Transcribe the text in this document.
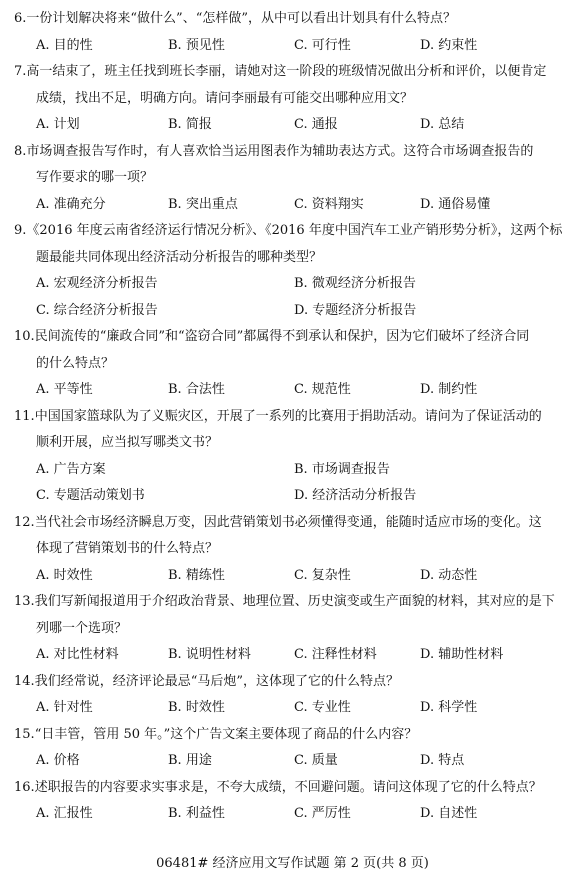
6.一份计划解决将来“做什么”、“怎样做”，从中可以看出计划具有什么特点？
A. 目的性	B. 预见性	C. 可行性	D. 约束性
7.高一结束了，班主任找到班长李丽，请她对这一阶段的班级情况做出分析和评价，以便肯定
成绩，找出不足，明确方向。请问李丽最有可能交出哪种应用文？
A. 计划	B. 简报	C. 通报	D. 总结
8.市场调查报告写作时，有人喜欢恰当运用图表作为辅助表达方式。这符合市场调查报告的
写作要求的哪一项？
A. 准确充分	B. 突出重点	C. 资料翔实	D. 通俗易懂
9.《2016 年度云南省经济运行情况分析》、《2016 年度中国汽车工业产销形势分析》，这两个标
题最能共同体现出经济活动分析报告的哪种类型？
A. 宏观经济分析报告	B. 微观经济分析报告
C. 综合经济分析报告	D. 专题经济分析报告
10.民间流传的“廉政合同”和“盗窃合同”都属得不到承认和保护，因为它们破坏了经济合同
的什么特点？
A. 平等性	B. 合法性	C. 规范性	D. 制约性
11.中国国家篮球队为了义赈灾区，开展了一系列的比赛用于捐助活动。请问为了保证活动的
顺利开展，应当拟写哪类文书？
A. 广告方案	B. 市场调查报告
C. 专题活动策划书	D. 经济活动分析报告
12.当代社会市场经济瞬息万变，因此营销策划书必须懂得变通，能随时适应市场的变化。这
体现了营销策划书的什么特点？
A. 时效性	B. 精练性	C. 复杂性	D. 动态性
13.我们写新闻报道用于介绍政治背景、地理位置、历史演变或生产面貌的材料，其对应的是下
列哪一个选项？
A. 对比性材料	B. 说明性材料	C. 注释性材料	D. 辅助性材料
14.我们经常说，经济评论最忌“马后炮”，这体现了它的什么特点？
A. 针对性	B. 时效性	C. 专业性	D. 科学性
15.“日丰管，管用 50 年。”这个广告文案主要体现了商品的什么内容？
A. 价格	B. 用途	C. 质量	D. 特点
16.述职报告的内容要求实事求是，不夸大成绩，不回避问题。请问这体现了它的什么特点？
A. 汇报性	B. 利益性	C. 严厉性	D. 自述性
06481# 经济应用文写作试题 第 2 页(共 8 页)
